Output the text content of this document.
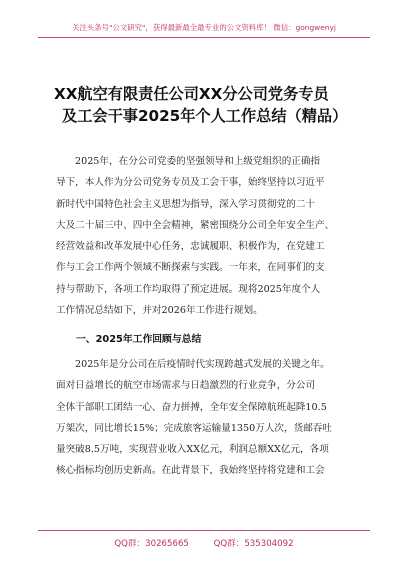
关注头条号"公文研究"，获得最新最全最专业的公文资料库！ 微信：gongwenyj
XX航空有限责任公司XX分公司党务专员
及工会干事2025年个人工作总结（精品）
2025年，在分公司党委的坚强领导和上级党组织的正确指
导下，本人作为分公司党务专员及工会干事，始终坚持以习近平
新时代中国特色社会主义思想为指导，深入学习贯彻党的二十
大及二十届三中、四中全会精神，紧密围绕分公司全年安全生产、
经营效益和改革发展中心任务，忠诚履职、积极作为，在党建工
作与工会工作两个领域不断探索与实践。一年来，在同事们的支
持与帮助下，各项工作均取得了预定进展。现将2025年度个人
工作情况总结如下，并对2026年工作进行规划。
一、2025年工作回顾与总结
2025年是分公司在后疫情时代实现跨越式发展的关键之年。
面对日益增长的航空市场需求与日趋激烈的行业竞争，分公司
全体干部职工团结一心、奋力拼搏，全年安全保障航班起降10.5
万架次，同比增长15%；完成旅客运输量1350万人次，货邮吞吐
量突破8.5万吨，实现营业收入XX亿元，利润总额XX亿元，各项
核心指标均创历史新高。在此背景下，我始终坚持将党建和工会
QQ群：30265665	QQ群：535304092
